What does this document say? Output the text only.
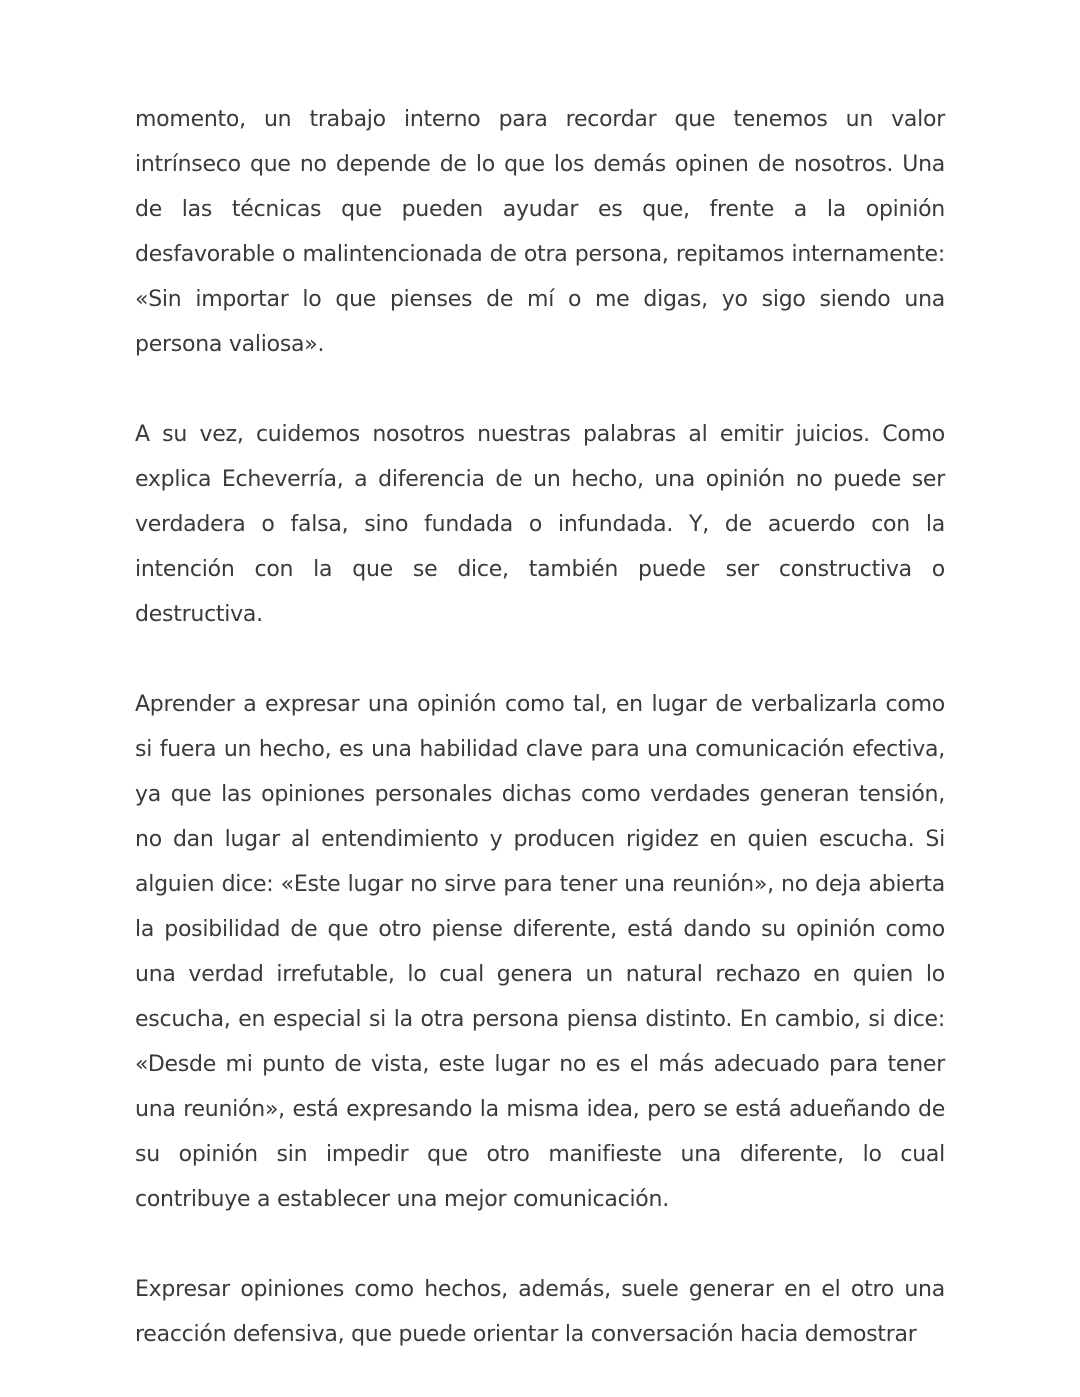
momento, un trabajo interno para recordar que tenemos un valor intrínseco que no depende de lo que los demás opinen de nosotros. Una de las técnicas que pueden ayudar es que, frente a la opinión desfavorable o malintencionada de otra persona, repitamos internamente: «Sin importar lo que pienses de mí o me digas, yo sigo siendo una persona valiosa».

A su vez, cuidemos nosotros nuestras palabras al emitir juicios. Como explica Echeverría, a diferencia de un hecho, una opinión no puede ser verdadera o falsa, sino fundada o infundada. Y, de acuerdo con la intención con la que se dice, también puede ser constructiva o destructiva.

Aprender a expresar una opinión como tal, en lugar de verbalizarla como si fuera un hecho, es una habilidad clave para una comunicación efectiva, ya que las opiniones personales dichas como verdades generan tensión, no dan lugar al entendimiento y producen rigidez en quien escucha. Si alguien dice: «Este lugar no sirve para tener una reunión», no deja abierta la posibilidad de que otro piense diferente, está dando su opinión como una verdad irrefutable, lo cual genera un natural rechazo en quien lo escucha, en especial si la otra persona piensa distinto. En cambio, si dice: «Desde mi punto de vista, este lugar no es el más adecuado para tener una reunión», está expresando la misma idea, pero se está adueñando de su opinión sin impedir que otro manifieste una diferente, lo cual contribuye a establecer una mejor comunicación.

Expresar opiniones como hechos, además, suele generar en el otro una reacción defensiva, que puede orientar la conversación hacia demostrar
